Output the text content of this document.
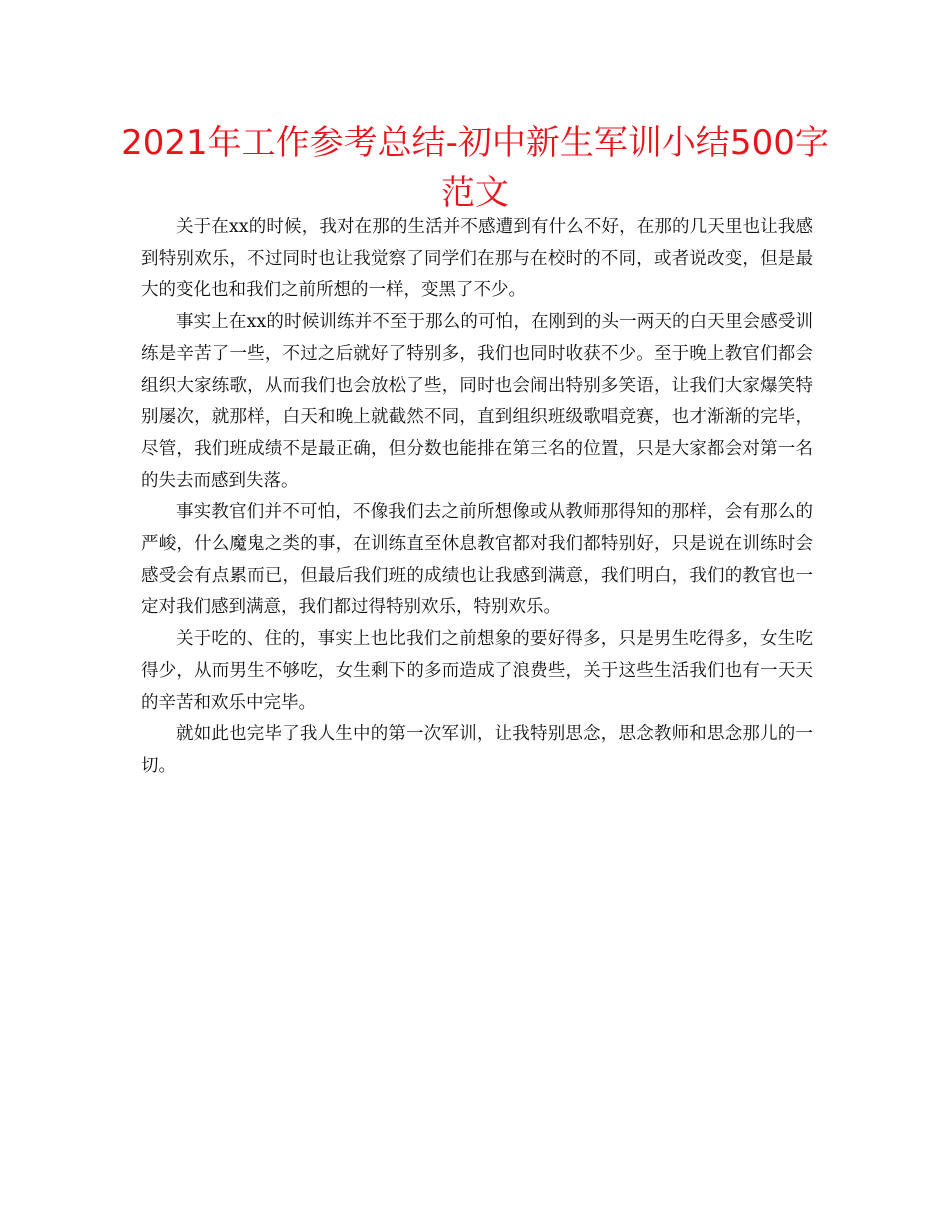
2021年工作参考总结-初中新生军训小结500字范文

关于在xx的时候，我对在那的生活并不感遭到有什么不好，在那的几天里也让我感到特别欢乐，不过同时也让我觉察了同学们在那与在校时的不同，或者说改变，但是最大的变化也和我们之前所想的一样，变黑了不少。

事实上在xx的时候训练并不至于那么的可怕，在刚到的头一两天的白天里会感受训练是辛苦了一些，不过之后就好了特别多，我们也同时收获不少。至于晚上教官们都会组织大家练歌，从而我们也会放松了些，同时也会闹出特别多笑语，让我们大家爆笑特别屡次，就那样，白天和晚上就截然不同，直到组织班级歌唱竞赛，也才渐渐的完毕，尽管，我们班成绩不是最正确，但分数也能排在第三名的位置，只是大家都会对第一名的失去而感到失落。

事实教官们并不可怕，不像我们去之前所想像或从教师那得知的那样，会有那么的严峻，什么魔鬼之类的事，在训练直至休息教官都对我们都特别好，只是说在训练时会感受会有点累而已，但最后我们班的成绩也让我感到满意，我们明白，我们的教官也一定对我们感到满意，我们都过得特别欢乐，特别欢乐。

关于吃的、住的，事实上也比我们之前想象的要好得多，只是男生吃得多，女生吃得少，从而男生不够吃，女生剩下的多而造成了浪费些，关于这些生活我们也有一天天的辛苦和欢乐中完毕。

就如此也完毕了我人生中的第一次军训，让我特别思念，思念教师和思念那儿的一切。
